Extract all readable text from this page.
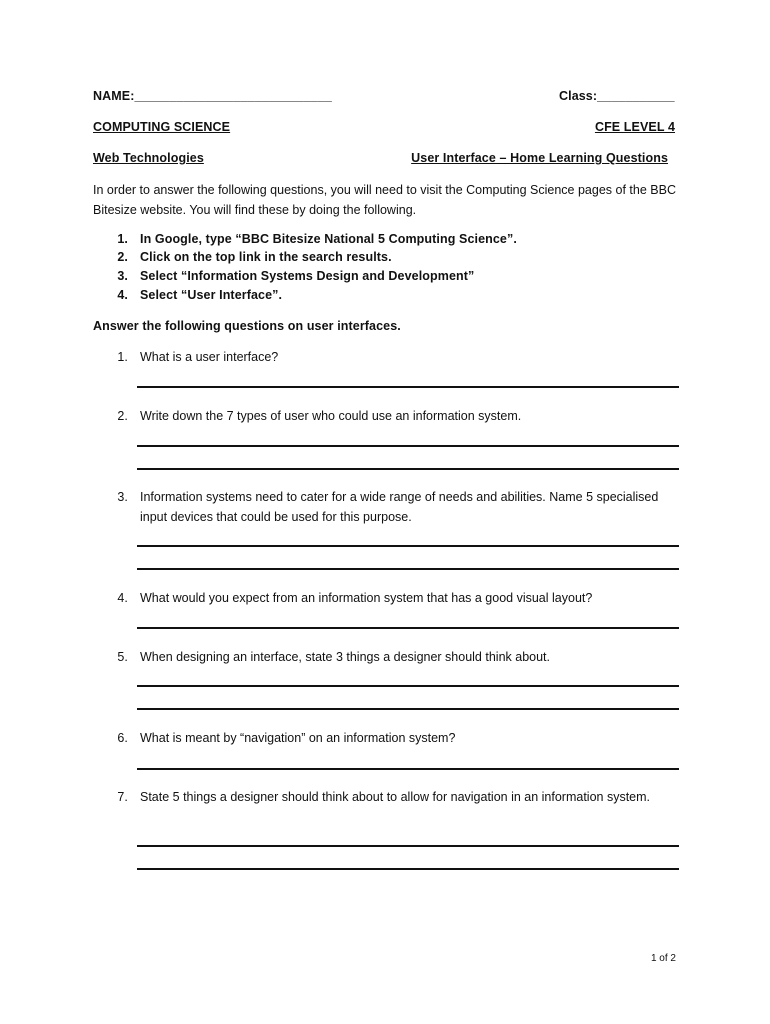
NAME:____________________________	Class:___________
COMPUTING SCIENCE	CFE LEVEL 4
Web Technologies	User Interface – Home Learning Questions
In order to answer the following questions, you will need to visit the Computing Science pages of the BBC Bitesize website. You will find these by doing the following.
1. In Google, type “BBC Bitesize National 5 Computing Science”.
2. Click on the top link in the search results.
3. Select “Information Systems Design and Development”
4. Select “User Interface”.
Answer the following questions on user interfaces.
1. What is a user interface?
2. Write down the 7 types of user who could use an information system.
3. Information systems need to cater for a wide range of needs and abilities. Name 5 specialised input devices that could be used for this purpose.
4. What would you expect from an information system that has a good visual layout?
5. When designing an interface, state 3 things a designer should think about.
6. What is meant by “navigation” on an information system?
7. State 5 things a designer should think about to allow for navigation in an information system.
1 of 2
